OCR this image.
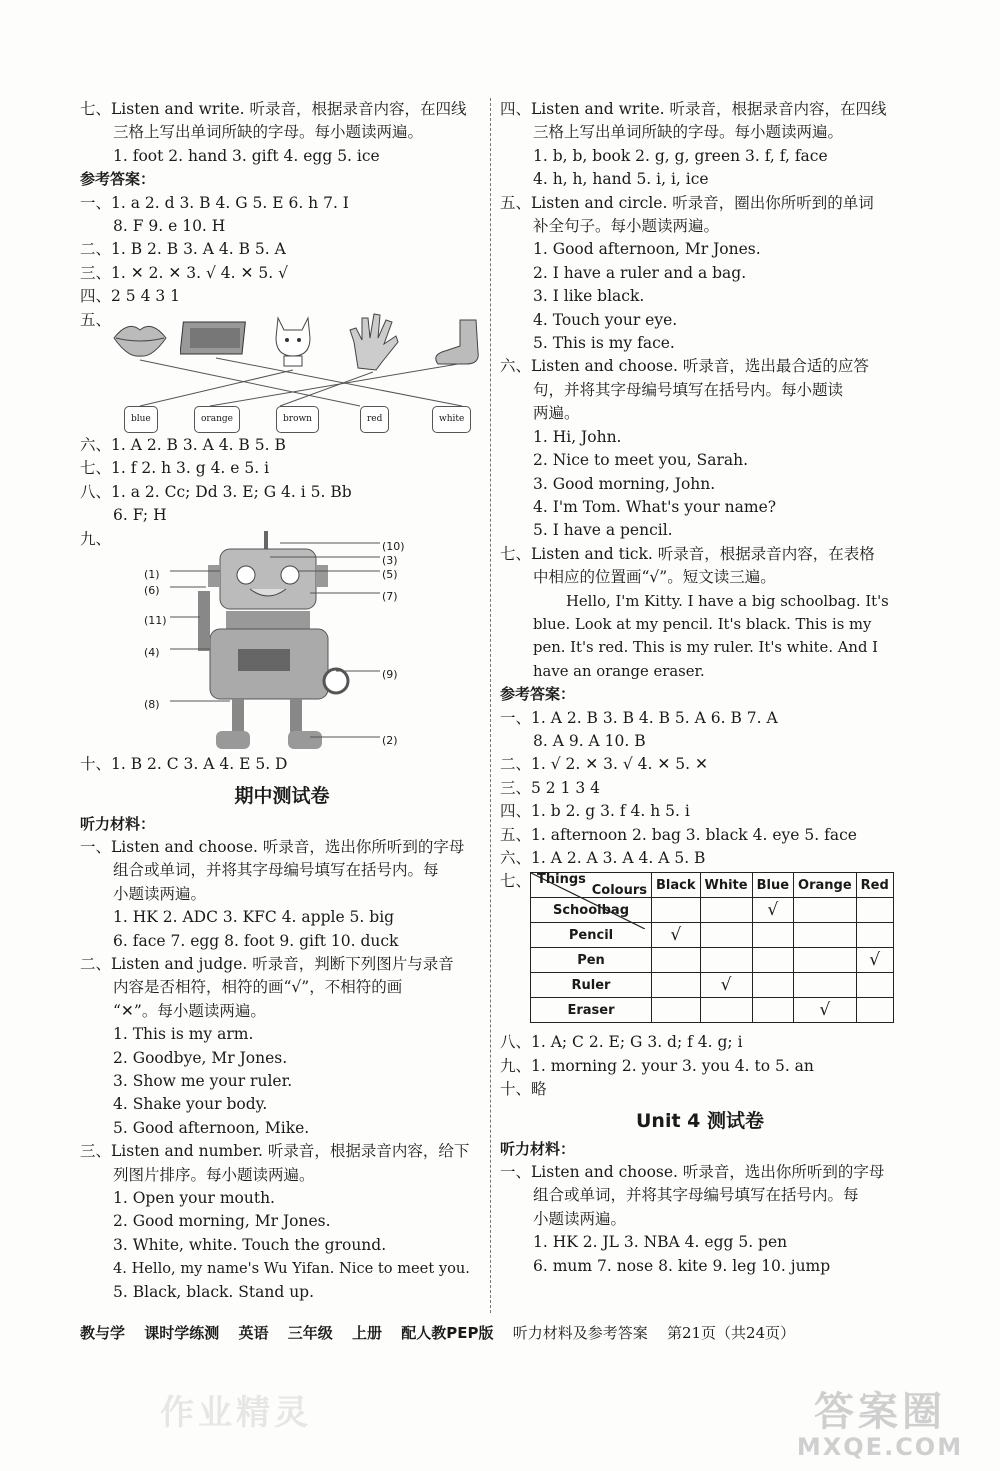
七、Listen and write. 听录音，根据录音内容，在四线
三格上写出单词所缺的字母。每小题读两遍。
1. foot 2. hand 3. gift 4. egg 5. ice
参考答案：
一、1. a 2. d 3. B 4. G 5. E 6. h 7. I
8. F 9. e 10. H
二、1. B 2. B 3. A 4. B 5. A
三、1. ✕ 2. ✕ 3. √ 4. ✕ 5. √
四、2 5 4 3 1
五、
blue	orange	brown	red	white
六、1. A 2. B 3. A 4. B 5. B
七、1. f 2. h 3. g 4. e 5. i
八、1. a 2. Cc; Dd 3. E; G 4. i 5. Bb
6. F; H
九、	(10)
(3)
(5)
(7)
(1)
(6)
(11)
(4)
(9)
(8)
(2)
十、1. B 2. C 3. A 4. E 5. D
期中测试卷
听力材料：
一、Listen and choose. 听录音，选出你所听到的字母
组合或单词，并将其字母编号填写在括号内。每
小题读两遍。
1. HK 2. ADC 3. KFC 4. apple 5. big
6. face 7. egg 8. foot 9. gift 10. duck
二、Listen and judge. 听录音，判断下列图片与录音
内容是否相符，相符的画“√”，不相符的画
“✕”。每小题读两遍。
1. This is my arm.
2. Goodbye, Mr Jones.
3. Show me your ruler.
4. Shake your body.
5. Good afternoon, Mike.
三、Listen and number. 听录音，根据录音内容，给下
列图片排序。每小题读两遍。
1. Open your mouth.
2. Good morning, Mr Jones.
3. White, white. Touch the ground.
4. Hello, my name's Wu Yifan. Nice to meet you.
5. Black, black. Stand up.
四、Listen and write. 听录音，根据录音内容，在四线
三格上写出单词所缺的字母。每小题读两遍。
1. b, b, book 2. g, g, green 3. f, f, face
4. h, h, hand 5. i, i, ice
五、Listen and circle. 听录音，圈出你所听到的单词
补全句子。每小题读两遍。
1. Good afternoon, Mr Jones.
2. I have a ruler and a bag.
3. I like black.
4. Touch your eye.
5. This is my face.
六、Listen and choose. 听录音，选出最合适的应答
句，并将其字母编号填写在括号内。每小题读
两遍。
1. Hi, John.
2. Nice to meet you, Sarah.
3. Good morning, John.
4. I'm Tom. What's your name?
5. I have a pencil.
七、Listen and tick. 听录音，根据录音内容，在表格
中相应的位置画“√”。短文读三遍。
Hello, I'm Kitty. I have a big schoolbag. It's
blue. Look at my pencil. It's black. This is my
pen. It's red. This is my ruler. It's white. And I
have an orange eraser.
参考答案：
一、1. A 2. B 3. B 4. B 5. A 6. B 7. A
8. A 9. A 10. B
二、1. √ 2. ✕ 3. √ 4. ✕ 5. ✕
三、5 2 1 3 4
四、1. b 2. g 3. f 4. h 5. i
五、1. afternoon 2. bag 3. black 4. eye 5. face
六、1. A 2. A 3. A 4. A 5. B
七、
Colours
Things	Black	White	Blue	Orange	Red
Schoolbag			√		
Pencil	√				
Pen					√
Ruler		√			
Eraser				√	
八、1. A; C 2. E; G 3. d; f 4. g; i
九、1. morning 2. your 3. you 4. to 5. an
十、略
Unit 4 测试卷
听力材料：
一、Listen and choose. 听录音，选出你所听到的字母
组合或单词，并将其字母编号填写在括号内。每
小题读两遍。
1. HK 2. JL 3. NBA 4. egg 5. pen
6. mum 7. nose 8. kite 9. leg 10. jump
教与学 课时学练测 英语 三年级 上册 配人教PEP版 听力材料及参考答案 第21页（共24页）
作业精灵	答案圈
MXQE.COM
